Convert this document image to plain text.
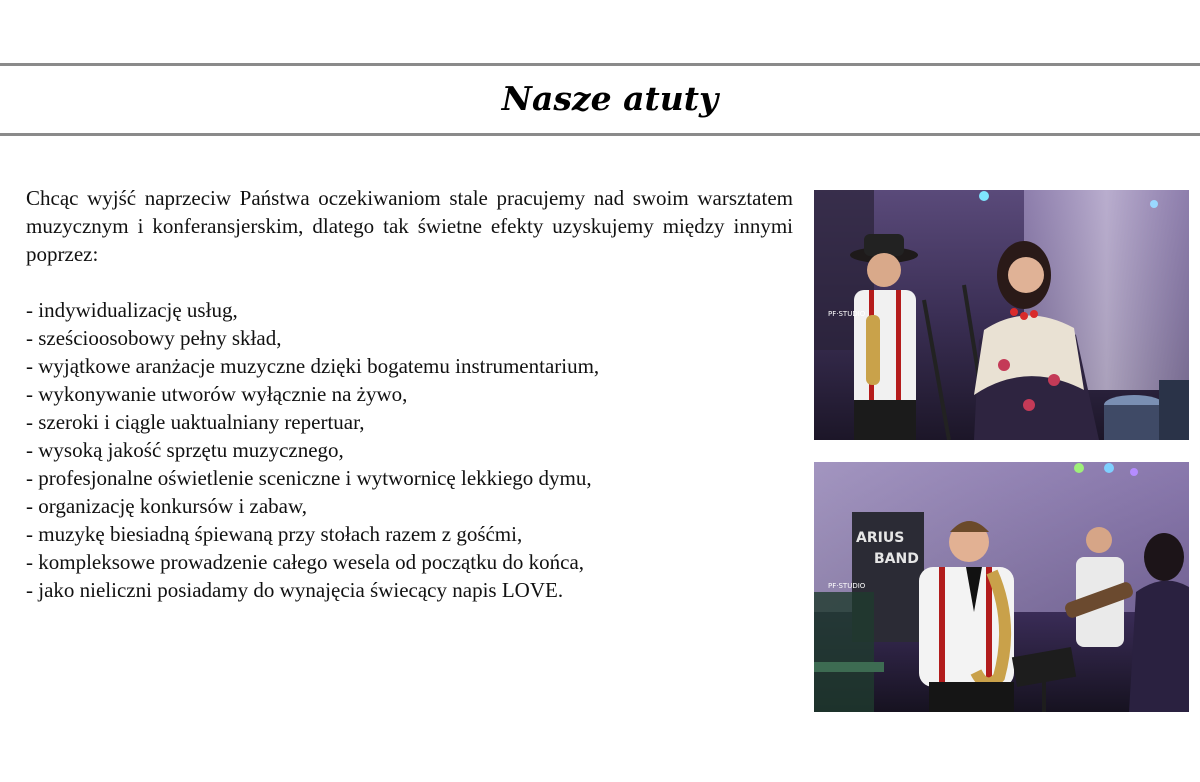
Nasze atuty

Chcąc wyjść naprzeciw Państwa oczekiwaniom stale pracujemy nad swoim warsztatem muzycznym i konferansjerskim, dlatego tak świetne efekty uzyskujemy między innymi poprzez:

- indywidualizację usług,
- sześcioosobowy pełny skład,
- wyjątkowe aranżacje muzyczne dzięki bogatemu instrumentarium,
- wykonywanie utworów wyłącznie na żywo,
- szeroki i ciągle uaktualniany repertuar,
- wysoką jakość sprzętu muzycznego,
- profesjonalne oświetlenie sceniczne i wytwornicę lekkiego dymu,
- organizację konkursów i zabaw,
- muzykę biesiadną śpiewaną przy stołach razem z gośćmi,
- kompleksowe prowadzenie całego wesela od początku do końca,
- jako nieliczni posiadamy do wynajęcia świecący napis LOVE.
PF·STUDIO
ARIUS
BAND
PF·STUDIO
